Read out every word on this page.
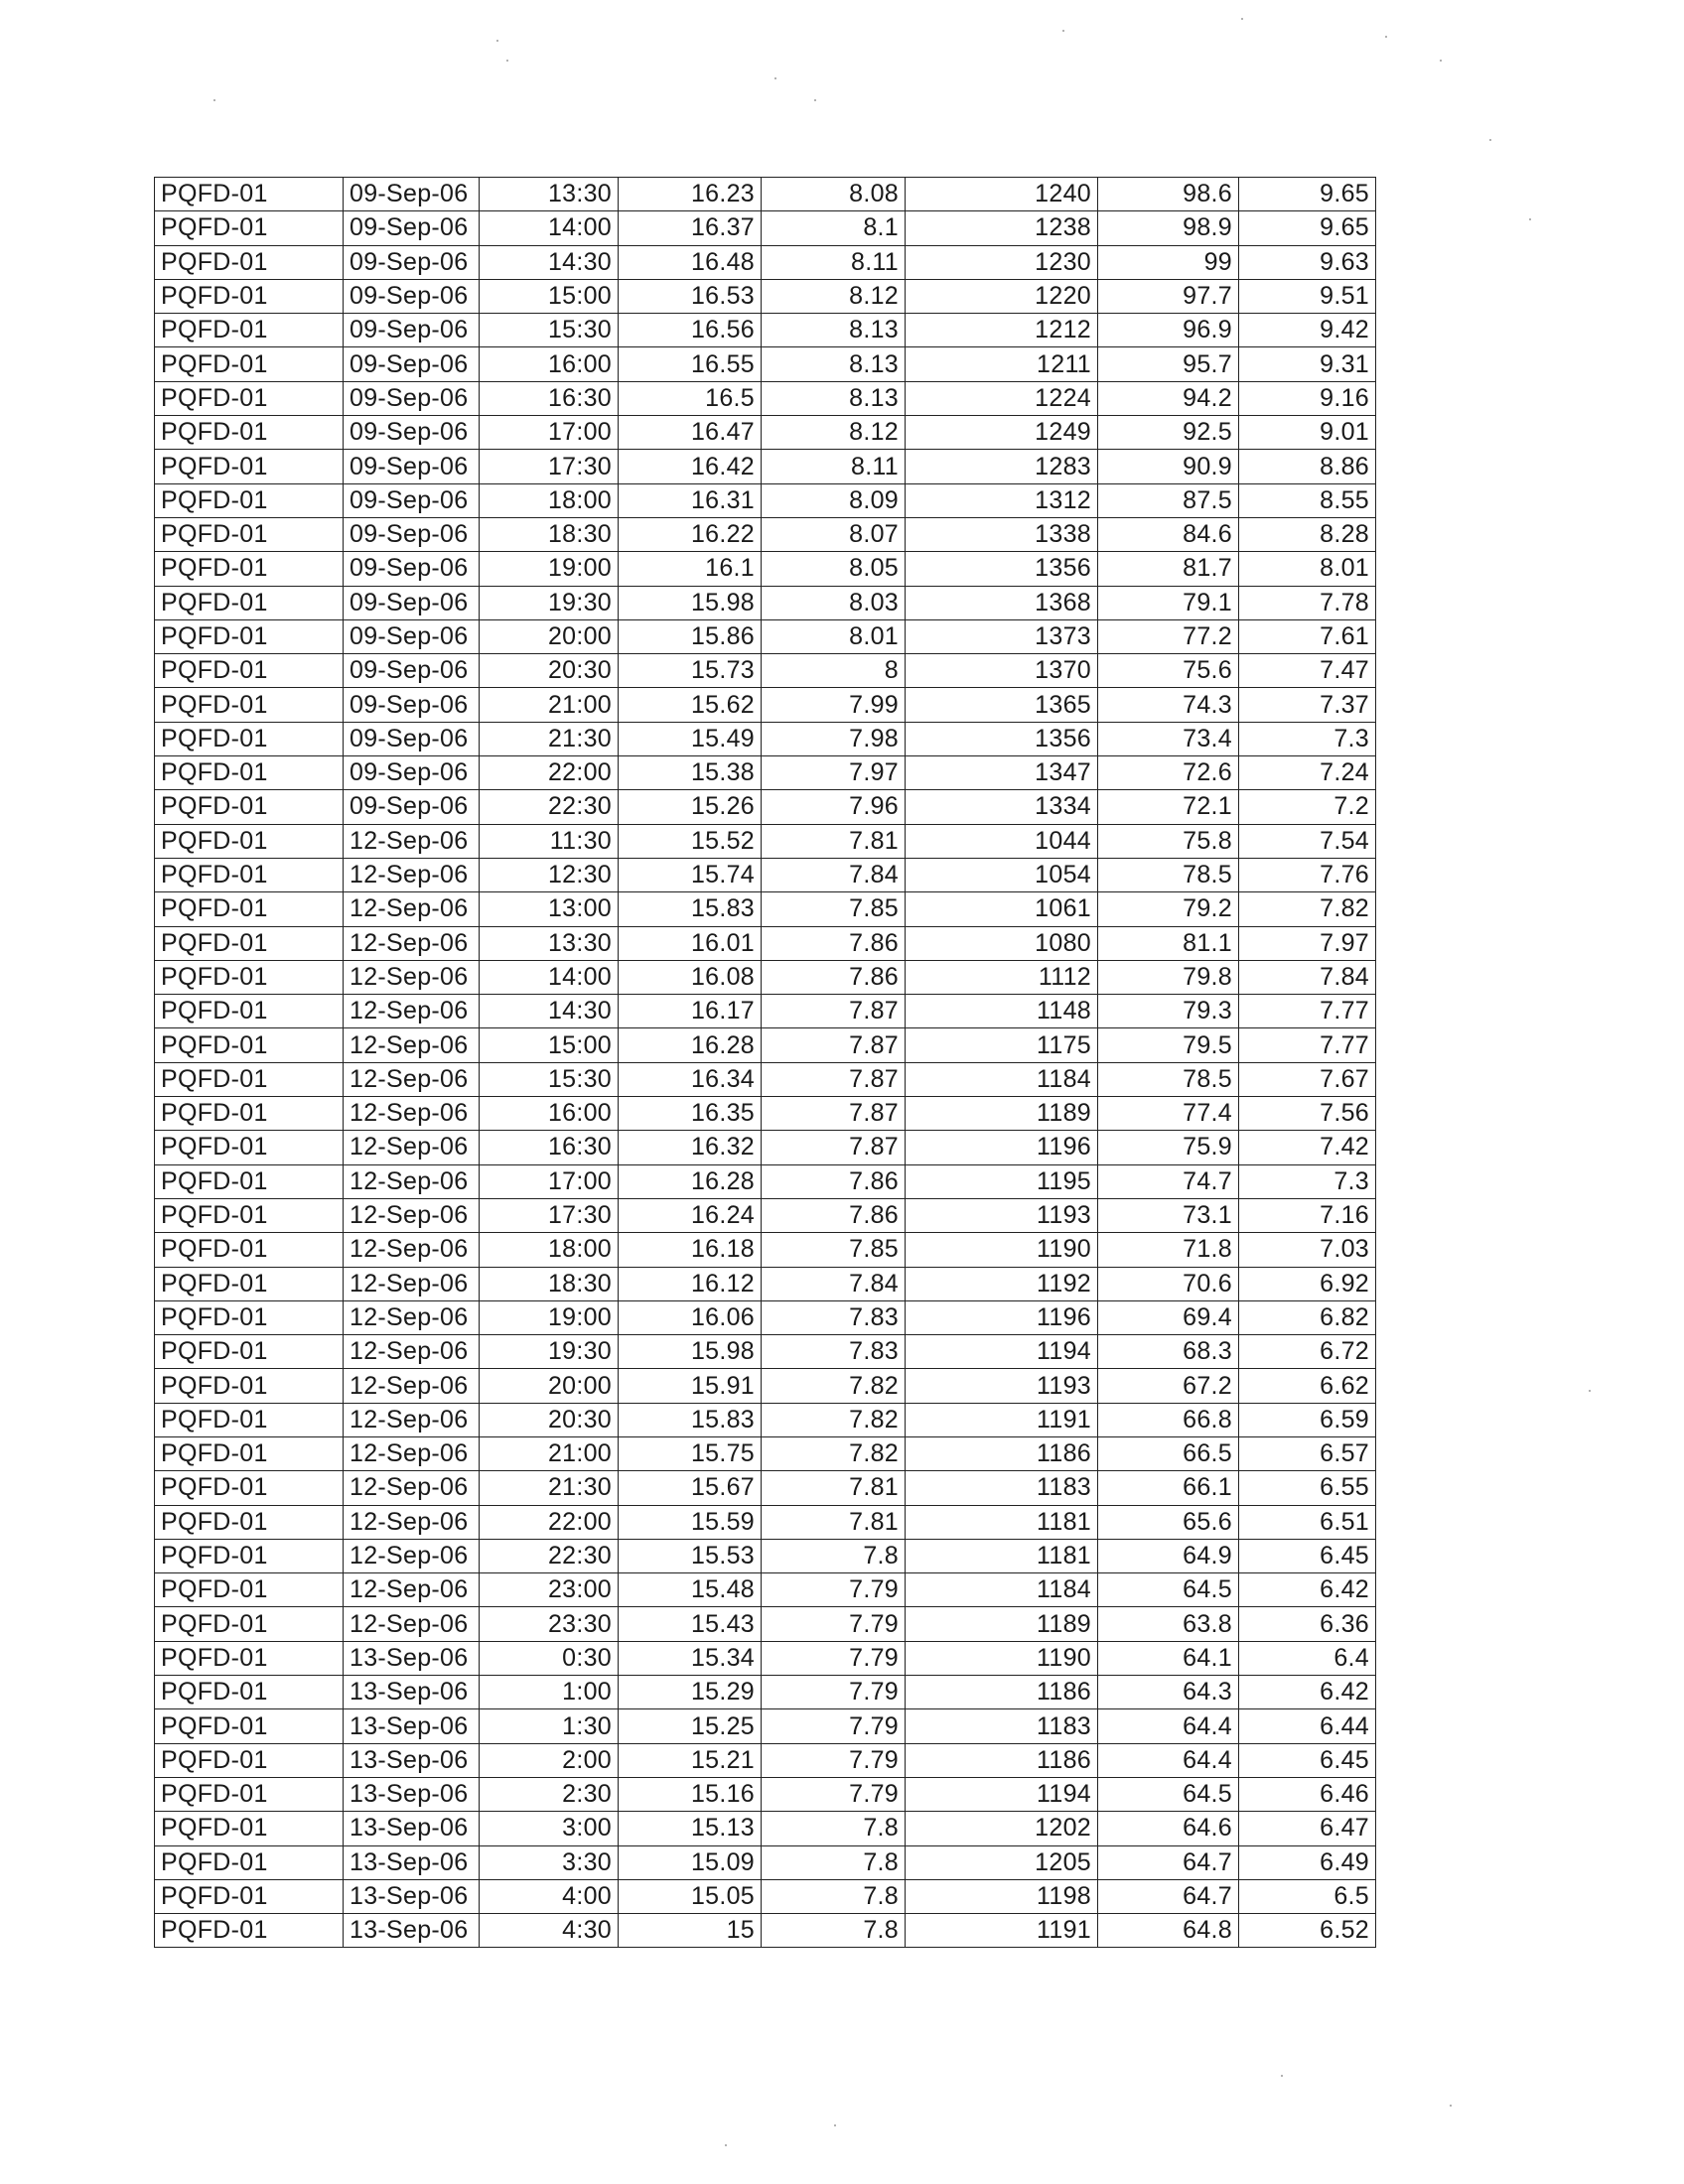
PQFD-01	09-Sep-06	13:30	16.23	8.08	1240	98.6	9.65
PQFD-01	09-Sep-06	14:00	16.37	8.1	1238	98.9	9.65
PQFD-01	09-Sep-06	14:30	16.48	8.11	1230	99	9.63
PQFD-01	09-Sep-06	15:00	16.53	8.12	1220	97.7	9.51
PQFD-01	09-Sep-06	15:30	16.56	8.13	1212	96.9	9.42
PQFD-01	09-Sep-06	16:00	16.55	8.13	1211	95.7	9.31
PQFD-01	09-Sep-06	16:30	16.5	8.13	1224	94.2	9.16
PQFD-01	09-Sep-06	17:00	16.47	8.12	1249	92.5	9.01
PQFD-01	09-Sep-06	17:30	16.42	8.11	1283	90.9	8.86
PQFD-01	09-Sep-06	18:00	16.31	8.09	1312	87.5	8.55
PQFD-01	09-Sep-06	18:30	16.22	8.07	1338	84.6	8.28
PQFD-01	09-Sep-06	19:00	16.1	8.05	1356	81.7	8.01
PQFD-01	09-Sep-06	19:30	15.98	8.03	1368	79.1	7.78
PQFD-01	09-Sep-06	20:00	15.86	8.01	1373	77.2	7.61
PQFD-01	09-Sep-06	20:30	15.73	8	1370	75.6	7.47
PQFD-01	09-Sep-06	21:00	15.62	7.99	1365	74.3	7.37
PQFD-01	09-Sep-06	21:30	15.49	7.98	1356	73.4	7.3
PQFD-01	09-Sep-06	22:00	15.38	7.97	1347	72.6	7.24
PQFD-01	09-Sep-06	22:30	15.26	7.96	1334	72.1	7.2
PQFD-01	12-Sep-06	11:30	15.52	7.81	1044	75.8	7.54
PQFD-01	12-Sep-06	12:30	15.74	7.84	1054	78.5	7.76
PQFD-01	12-Sep-06	13:00	15.83	7.85	1061	79.2	7.82
PQFD-01	12-Sep-06	13:30	16.01	7.86	1080	81.1	7.97
PQFD-01	12-Sep-06	14:00	16.08	7.86	1112	79.8	7.84
PQFD-01	12-Sep-06	14:30	16.17	7.87	1148	79.3	7.77
PQFD-01	12-Sep-06	15:00	16.28	7.87	1175	79.5	7.77
PQFD-01	12-Sep-06	15:30	16.34	7.87	1184	78.5	7.67
PQFD-01	12-Sep-06	16:00	16.35	7.87	1189	77.4	7.56
PQFD-01	12-Sep-06	16:30	16.32	7.87	1196	75.9	7.42
PQFD-01	12-Sep-06	17:00	16.28	7.86	1195	74.7	7.3
PQFD-01	12-Sep-06	17:30	16.24	7.86	1193	73.1	7.16
PQFD-01	12-Sep-06	18:00	16.18	7.85	1190	71.8	7.03
PQFD-01	12-Sep-06	18:30	16.12	7.84	1192	70.6	6.92
PQFD-01	12-Sep-06	19:00	16.06	7.83	1196	69.4	6.82
PQFD-01	12-Sep-06	19:30	15.98	7.83	1194	68.3	6.72
PQFD-01	12-Sep-06	20:00	15.91	7.82	1193	67.2	6.62
PQFD-01	12-Sep-06	20:30	15.83	7.82	1191	66.8	6.59
PQFD-01	12-Sep-06	21:00	15.75	7.82	1186	66.5	6.57
PQFD-01	12-Sep-06	21:30	15.67	7.81	1183	66.1	6.55
PQFD-01	12-Sep-06	22:00	15.59	7.81	1181	65.6	6.51
PQFD-01	12-Sep-06	22:30	15.53	7.8	1181	64.9	6.45
PQFD-01	12-Sep-06	23:00	15.48	7.79	1184	64.5	6.42
PQFD-01	12-Sep-06	23:30	15.43	7.79	1189	63.8	6.36
PQFD-01	13-Sep-06	0:30	15.34	7.79	1190	64.1	6.4
PQFD-01	13-Sep-06	1:00	15.29	7.79	1186	64.3	6.42
PQFD-01	13-Sep-06	1:30	15.25	7.79	1183	64.4	6.44
PQFD-01	13-Sep-06	2:00	15.21	7.79	1186	64.4	6.45
PQFD-01	13-Sep-06	2:30	15.16	7.79	1194	64.5	6.46
PQFD-01	13-Sep-06	3:00	15.13	7.8	1202	64.6	6.47
PQFD-01	13-Sep-06	3:30	15.09	7.8	1205	64.7	6.49
PQFD-01	13-Sep-06	4:00	15.05	7.8	1198	64.7	6.5
PQFD-01	13-Sep-06	4:30	15	7.8	1191	64.8	6.52
